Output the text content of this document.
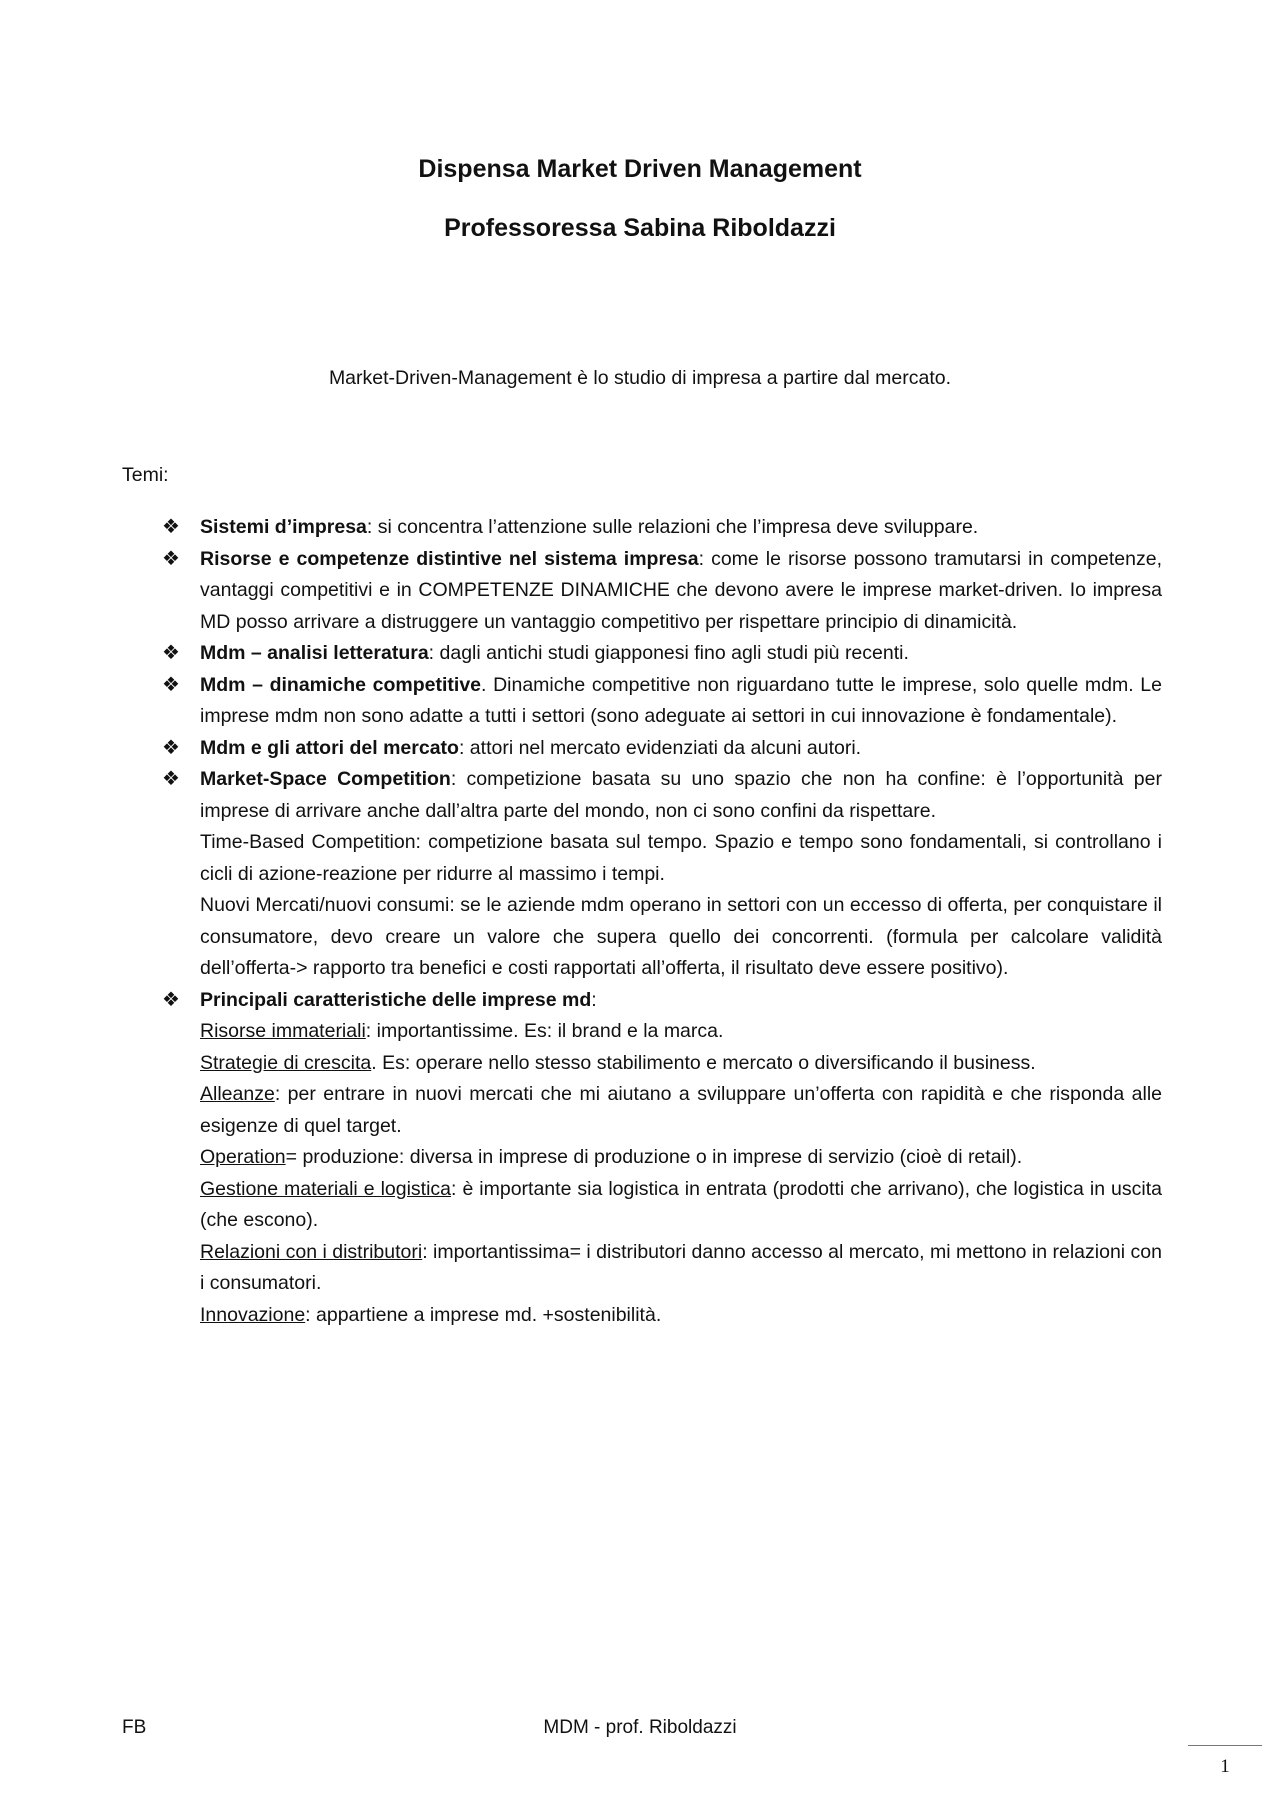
Dispensa Market Driven Management

Professoressa Sabina Riboldazzi

Market-Driven-Management è lo studio di impresa a partire dal mercato.

Temi:

❖ Sistemi d’impresa: si concentra l’attenzione sulle relazioni che l’impresa deve sviluppare.
❖ Risorse e competenze distintive nel sistema impresa: come le risorse possono tramutarsi in competenze, vantaggi competitivi e in COMPETENZE DINAMICHE che devono avere le imprese market-driven. Io impresa MD posso arrivare a distruggere un vantaggio competitivo per rispettare principio di dinamicità.
❖ Mdm – analisi letteratura: dagli antichi studi giapponesi fino agli studi più recenti.
❖ Mdm – dinamiche competitive. Dinamiche competitive non riguardano tutte le imprese, solo quelle mdm. Le imprese mdm non sono adatte a tutti i settori (sono adeguate ai settori in cui innovazione è fondamentale).
❖ Mdm e gli attori del mercato: attori nel mercato evidenziati da alcuni autori.
❖ Market-Space Competition: competizione basata su uno spazio che non ha confine: è l’opportunità per imprese di arrivare anche dall’altra parte del mondo, non ci sono confini da rispettare.
Time-Based Competition: competizione basata sul tempo. Spazio e tempo sono fondamentali, si controllano i cicli di azione-reazione per ridurre al massimo i tempi.
Nuovi Mercati/nuovi consumi: se le aziende mdm operano in settori con un eccesso di offerta, per conquistare il consumatore, devo creare un valore che supera quello dei concorrenti. (formula per calcolare validità dell’offerta-> rapporto tra benefici e costi rapportati all’offerta, il risultato deve essere positivo).
❖ Principali caratteristiche delle imprese md:
Risorse immateriali: importantissime. Es: il brand e la marca.
Strategie di crescita. Es: operare nello stesso stabilimento e mercato o diversificando il business.
Alleanze: per entrare in nuovi mercati che mi aiutano a sviluppare un’offerta con rapidità e che risponda alle esigenze di quel target.
Operation= produzione: diversa in imprese di produzione o in imprese di servizio (cioè di retail).
Gestione materiali e logistica: è importante sia logistica in entrata (prodotti che arrivano), che logistica in uscita (che escono).
Relazioni con i distributori: importantissima= i distributori danno accesso al mercato, mi mettono in relazioni con i consumatori.
Innovazione: appartiene a imprese md. +sostenibilità.

FB	MDM - prof. Riboldazzi

1
